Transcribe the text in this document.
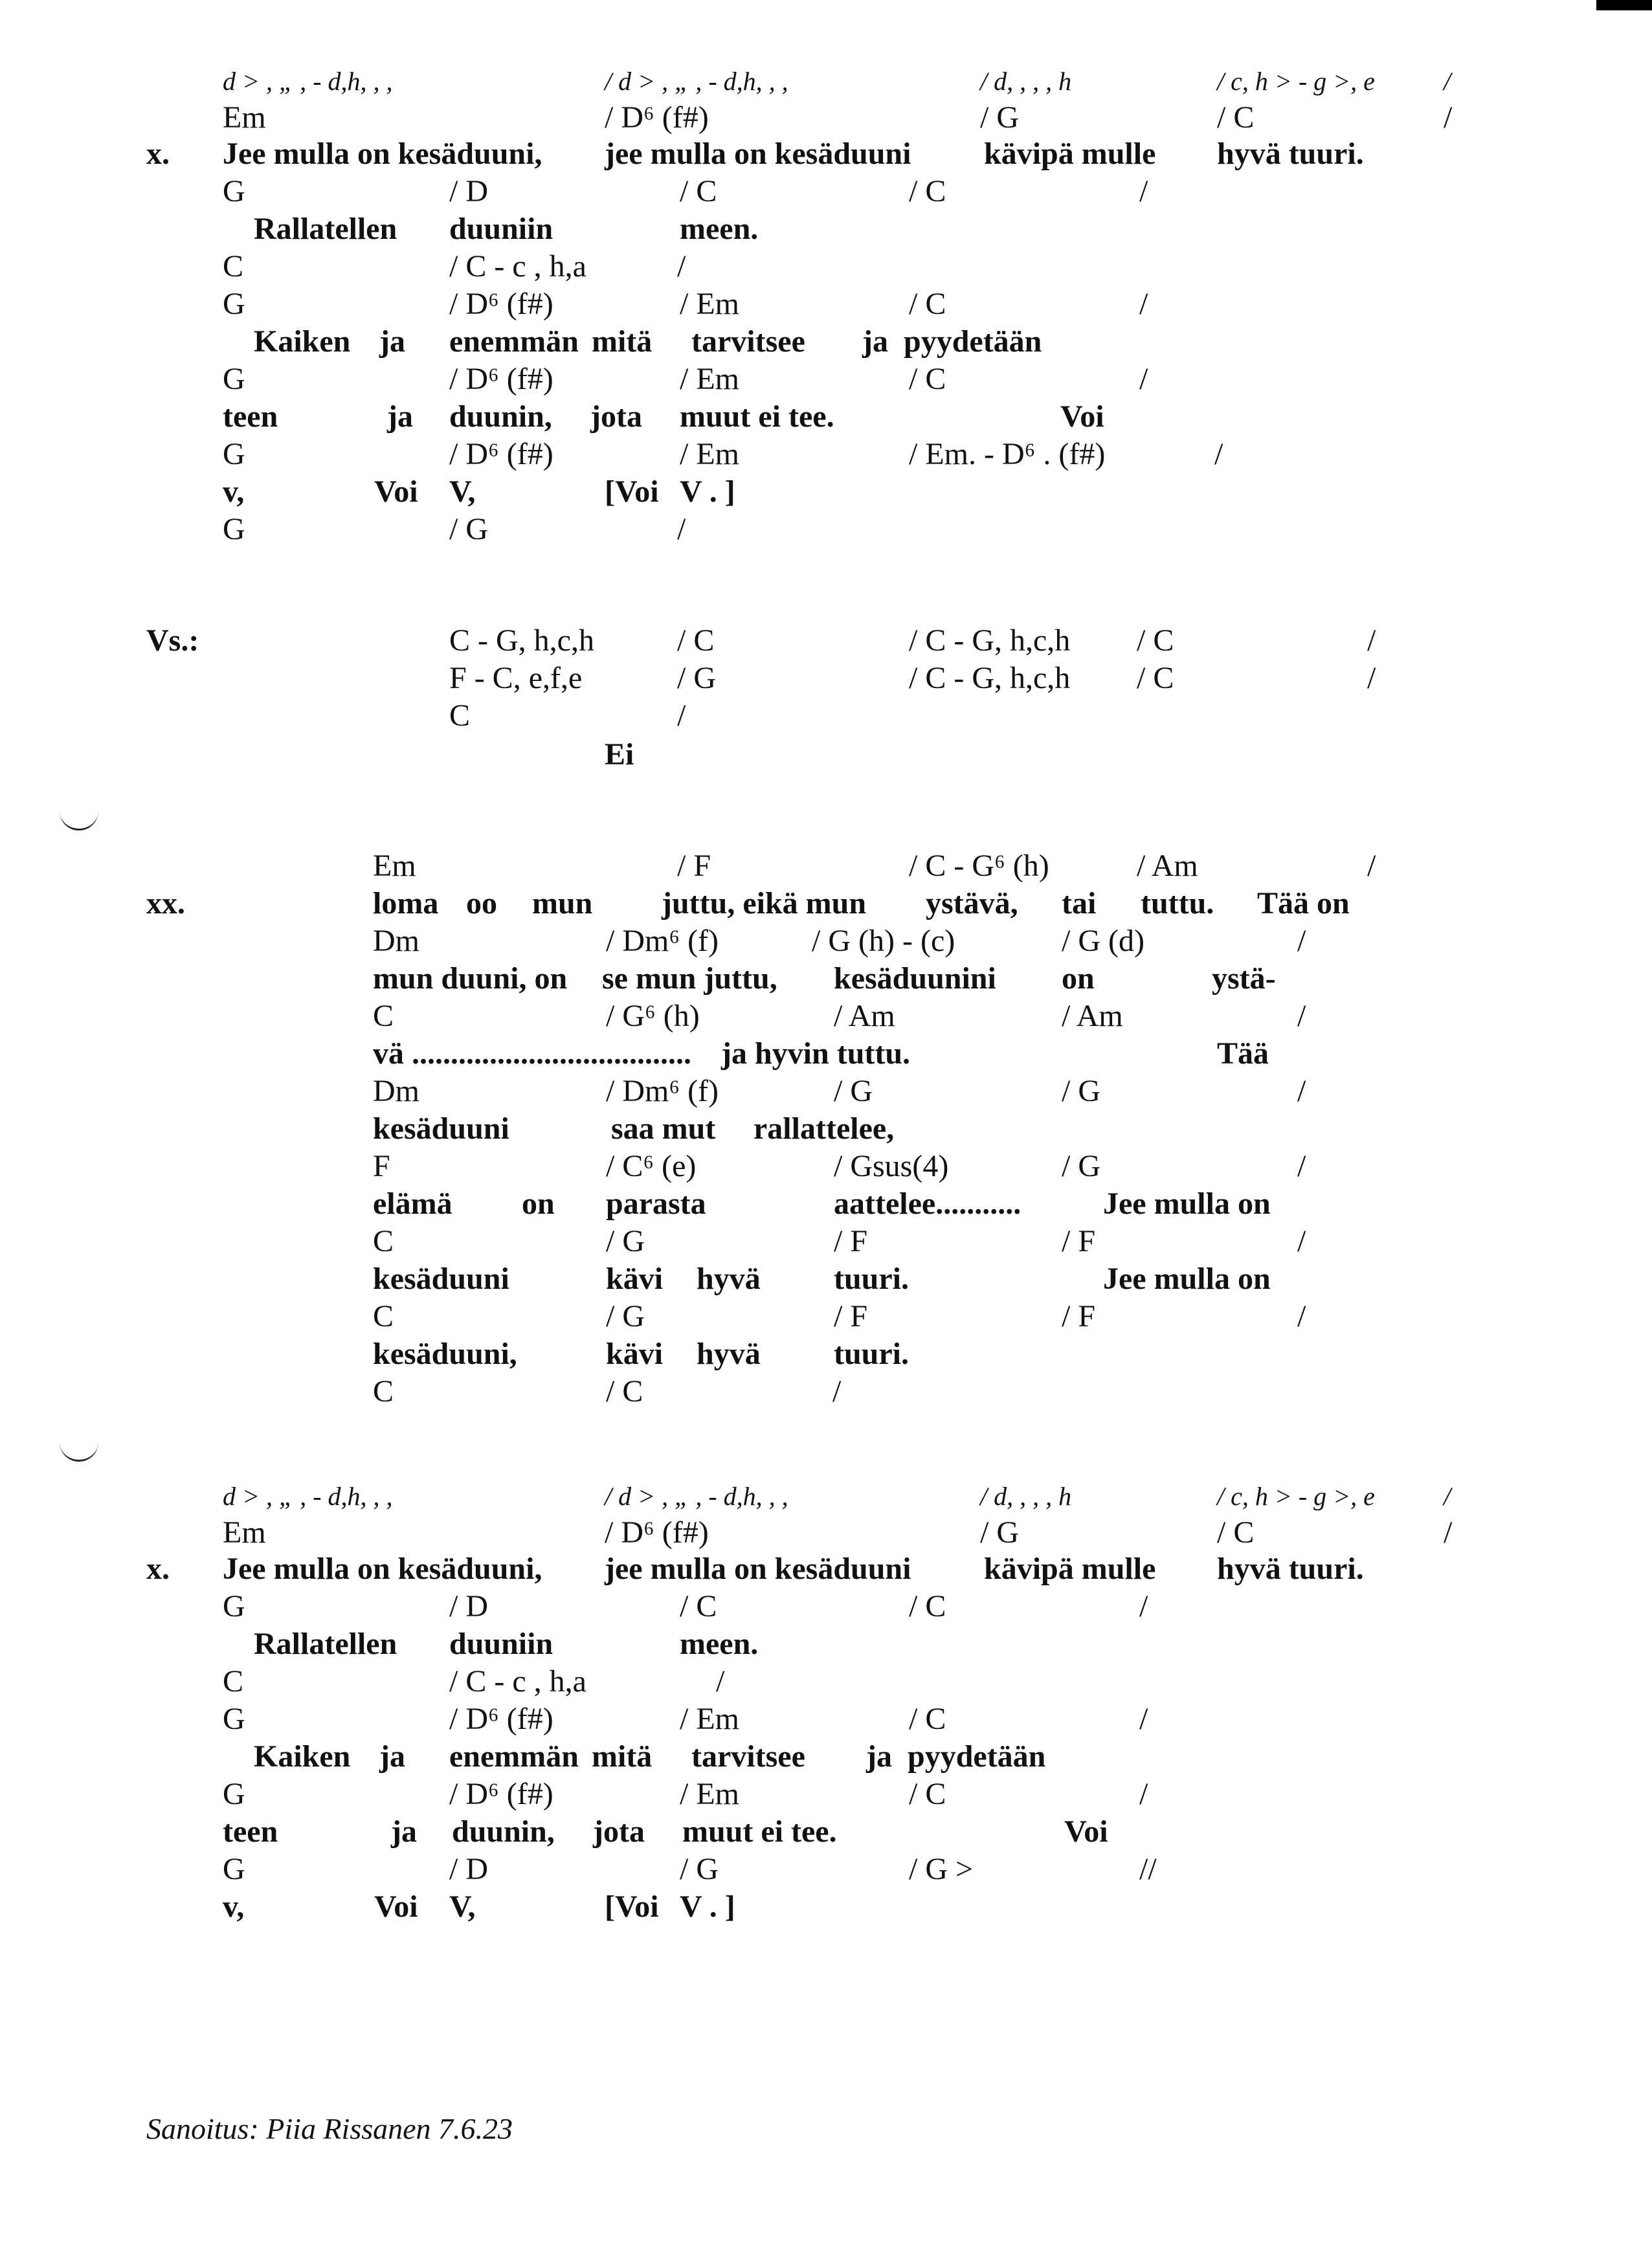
x.
d > , „ , - d,h, , ,	/ d > , „ , - d,h, , ,	/ d, , , , h	/ c, h > - g >, e	/
Em	/ D⁶ (f#)	/ G	/ C	/
Jee mulla on kesäduuni, jee mulla on kesäduuni kävipä mulle hyvä tuuri.
G	/ D	/ C	/ C	/
Rallatellen duuniin	meen.
C	/ C - c , h,a	/
G	/ D⁶ (f#)	/ Em	/ C	/
Kaiken ja enemmän mitä tarvitsee ja pyydetään
G	/ D⁶ (f#)	/ Em	/ C	/
teen	ja duunin, jota muut ei tee.	Voi
G	/ D⁶ (f#)	/ Em	/ Em. - D⁶ . (f#)	/
v,	Voi V,	[Voi V . ]
G	/ G	/
Vs.:	C - G, h,c,h	/ C	/ C - G, h,c,h / C	/
F - C, e,f,e	/ G	/ C - G, h,c,h / C	/
C	/
Ei
xx.
Em	/ F	/ C - G⁶ (h)	/ Am	/
loma oo mun juttu, eikä mun ystävä, tai tuttu. Tää on
Dm	/ Dm⁶ (f)	/ G (h) - (c)	/ G (d)	/
mun duuni, on se mun juttu, kesäduunini on	ystä-
C	/ G⁶ (h)	/ Am	/ Am	/
vä .................................... ja hyvin tuttu.	Tää
Dm	/ Dm⁶ (f)	/ G	/ G	/
kesäduuni	saa mut rallattelee,
F	/ C⁶ (e)	/ Gsus(4)	/ G	/
elämä on parasta	aattelee...........	Jee mulla on
C	/ G	/ F	/ F	/
kesäduuni	kävi hyvä tuuri.	Jee mulla on
C	/ G	/ F	/ F	/
kesäduuni,	kävi hyvä tuuri.
C	/ C	/
x.
d > , „ , - d,h, , ,	/ d > , „ , - d,h, , ,	/ d, , , , h	/ c, h > - g >, e	/
Em	/ D⁶ (f#)	/ G	/ C	/
Jee mulla on kesäduuni, jee mulla on kesäduuni kävipä mulle hyvä tuuri.
G	/ D	/ C	/ C	/
Rallatellen duuniin	meen.
C	/ C - c , h,a	/
G	/ D⁶ (f#)	/ Em	/ C	/
Kaiken ja enemmän mitä tarvitsee ja pyydetään
G	/ D⁶ (f#)	/ Em	/ C	/
teen	ja duunin, jota muut ei tee.	Voi
G	/ D	/ G	/ G >	//
v,	Voi V,	[Voi V . ]
Sanoitus: Piia Rissanen 7.6.23
